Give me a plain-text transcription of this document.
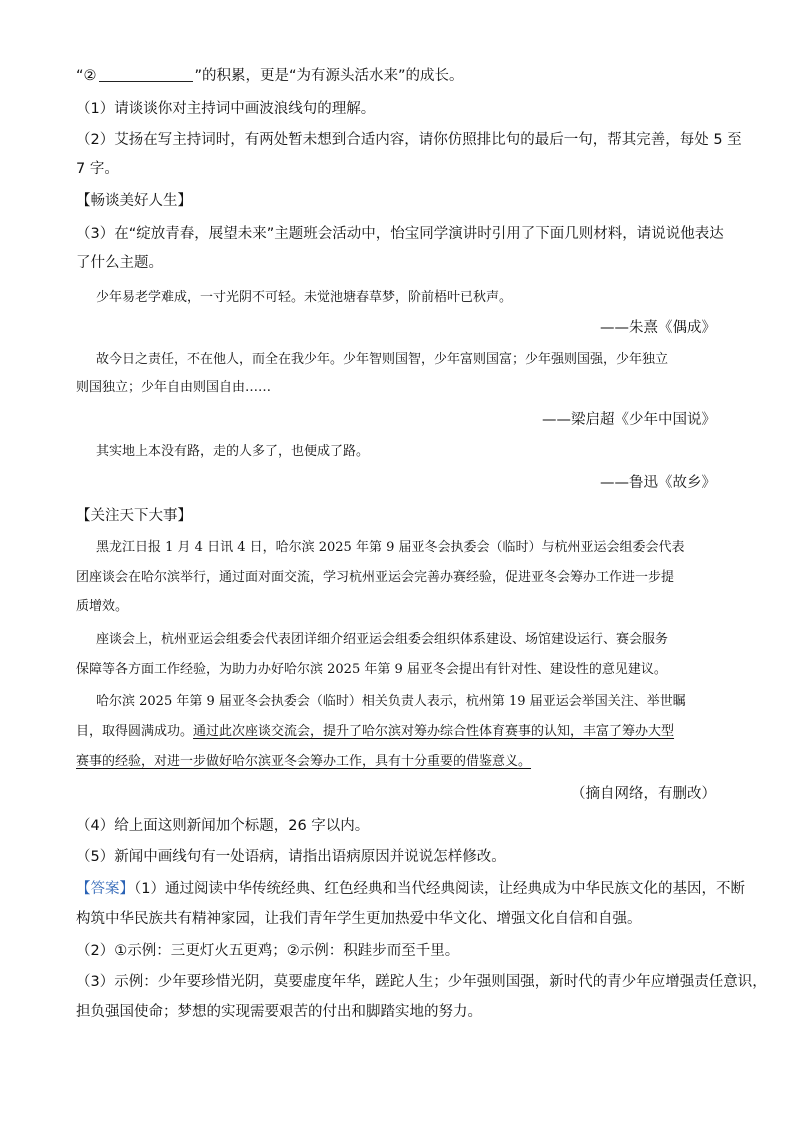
“②	”的积累，更是“为有源头活水来”的成长。
（1）请谈谈你对主持词中画波浪线句的理解。
（2）艾扬在写主持词时，有两处暂未想到合适内容，请你仿照排比句的最后一句，帮其完善，每处 5 至
7 字。
【畅谈美好人生】
（3）在“绽放青春，展望未来”主题班会活动中，怡宝同学演讲时引用了下面几则材料，请说说他表达
了什么主题。
少年易老学难成，一寸光阴不可轻。未觉池塘春草梦，阶前梧叶已秋声。
——朱熹《偶成》
故今日之责任，不在他人，而全在我少年。少年智则国智，少年富则国富；少年强则国强，少年独立
则国独立；少年自由则国自由……
——梁启超《少年中国说》
其实地上本没有路，走的人多了，也便成了路。
——鲁迅《故乡》
【关注天下大事】
黑龙江日报 1 月 4 日讯 4 日，哈尔滨 2025 年第 9 届亚冬会执委会（临时）与杭州亚运会组委会代表
团座谈会在哈尔滨举行，通过面对面交流，学习杭州亚运会完善办赛经验，促进亚冬会筹办工作进一步提
质增效。
座谈会上，杭州亚运会组委会代表团详细介绍亚运会组委会组织体系建设、场馆建设运行、赛会服务
保障等各方面工作经验，为助力办好哈尔滨 2025 年第 9 届亚冬会提出有针对性、建设性的意见建议。
哈尔滨 2025 年第 9 届亚冬会执委会（临时）相关负责人表示，杭州第 19 届亚运会举国关注、举世瞩
目，取得圆满成功。通过此次座谈交流会，提升了哈尔滨对筹办综合性体育赛事的认知，丰富了筹办大型
赛事的经验，对进一步做好哈尔滨亚冬会筹办工作，具有十分重要的借鉴意义。
（摘自网络，有删改）
（4）给上面这则新闻加个标题，26 字以内。
（5）新闻中画线句有一处语病，请指出语病原因并说说怎样修改。
【答案】（1）通过阅读中华传统经典、红色经典和当代经典阅读，让经典成为中华民族文化的基因，不断
构筑中华民族共有精神家园，让我们青年学生更加热爱中华文化、增强文化自信和自强。
（2）①示例：三更灯火五更鸡；②示例：积跬步而至千里。
（3）示例：少年要珍惜光阴，莫要虚度年华，蹉跎人生；少年强则国强，新时代的青少年应增强责任意识，
担负强国使命；梦想的实现需要艰苦的付出和脚踏实地的努力。
